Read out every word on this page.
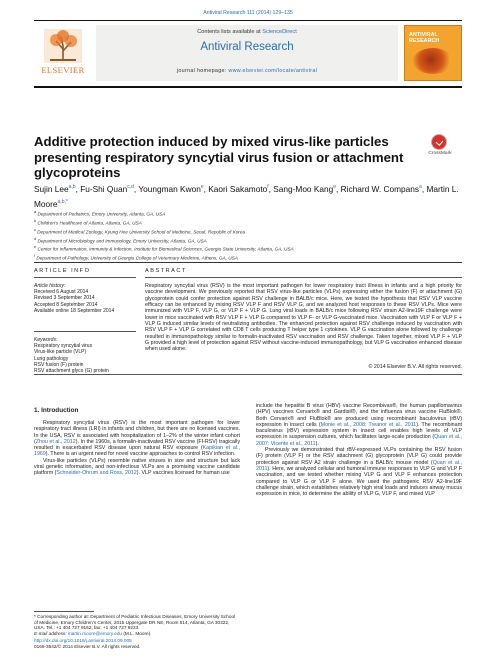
Antiviral Research 111 (2014) 129–135
ELSEVIER
Contents lists available at ScienceDirect
Antiviral Research
journal homepage: www.elsevier.com/locate/antiviral
ANTIVIRAL RESEARCH
Additive protection induced by mixed virus-like particles presenting respiratory syncytial virus fusion or attachment glycoproteins
CrossMark
Sujin Lee$^{a,b}$, Fu-Shi Quan$^{c,d}$, Youngman Kwon$^e$, Kaori Sakamoto$^f$, Sang-Moo Kang$^e$, Richard W. Compans$^a$, Martin L. Moore$^{a,b,*}$
$^a$ Department of Pediatrics, Emory University, Atlanta, GA, USA
$^b$ Children's Healthcare of Atlanta, Atlanta, GA, USA
$^c$ Department of Medical Zoology, Kyung Hee University School of Medicine, Seoul, Republic of Korea
$^d$ Department of Microbiology and Immunology, Emory University, Atlanta, GA, USA
$^e$ Center for Inflammation, Immunity & Infection, Institute for Biomedical Sciences, Georgia State University, Atlanta, GA, USA
$^f$ Department of Pathology, University of Georgia College of Veterinary Medicine, Athens, GA, USA
ARTICLE INFO	ABSTRACT
Article history:
Received 6 August 2014
Revised 3 September 2014
Accepted 8 September 2014
Available online 18 September 2014
Keywords:
Respiratory syncytial virus
Virus-like particle (VLP)
Lung pathology
RSV fusion (F) protein
RSV attachment glyco (G) protein
Respiratory syncytial virus (RSV) is the most important pathogen for lower respiratory tract illness in infants and a high priority for vaccine development. We previously reported that RSV virus-like particles (VLPs) expressing either the fusion (F) or attachment (G) glycoprotein could confer protection against RSV challenge in BALB/c mice. Here, we tested the hypothesis that RSV VLP vaccine efficacy can be enhanced by mixing RSV VLP F and RSV VLP G, and we analyzed host responses to these RSV VLPs. Mice were immunized with VLP F, VLP G, or VLP F + VLP G. Lung viral loads in BALB/c mice following RSV strain A2-line19F challenge were lower in mice vaccinated with RSV VLP F + VLP G compared to VLP F- or VLP G-vaccinated mice. Vaccination with VLP F or VLP F + VLP G induced similar levels of neutralizing antibodies. The enhanced protection against RSV challenge induced by vaccination with RSV VLP F + VLP G correlated with CD8 T cells producing T helper type 1 cytokines. VLP G vaccination alone followed by challenge resulted in immunopathology similar to formalin-inactivated RSV vaccination and RSV challenge. Taken together, mixed VLP F + VLP G provided a high level of protection against RSV without vaccine-induced immunopathology, but VLP G vaccination enhanced disease when used alone.
© 2014 Elsevier B.V. All rights reserved.
1. Introduction

Respiratory syncytial virus (RSV) is the most important pathogen for lower respiratory tract illness (LRI) in infants and children, but there are no licensed vaccines. In the USA, RSV is associated with hospitalization of 1–2% of the winter infant cohort (Zhou et al., 2012). In the 1960s, a formalin-inactivated RSV vaccine (FI-RSV) tragically resulted in exacerbated RSV disease upon natural RSV exposure (Kapikian et al., 1969). There is an urgent need for novel vaccine approaches to control RSV infection.

Virus-like particles (VLPs) resemble native viruses in size and structure but lack viral genetic information, and non-infectious VLPs are a promising vaccine candidate platform (Schneider-Ohrum and Ross, 2012). VLP vaccines licensed for human use

include the hepatitis B virus (HBV) vaccine Recombivax®, the human papillomavirus (HPV) vaccines Cervarix® and Gardisil®, and the influenza virus vaccine FluBlok®. Both Cervarix® and FluBlok® are produced using recombinant baculovirus (rBV) expression in insect cells (Monie et al., 2008; Treanor et al., 2011). The recombinant baculovirus (rBV) expression system in insect cell enables high levels of VLP expression in suspension cultures, which facilitates large-scale production (Quan et al., 2007; Vicente et al., 2011).

Previously we demonstrated that rBV-expressed VLPs containing the RSV fusion (F) protein (VLP F) or the RSV attachment (G) glycoprotein (VLP G) could provide protection against RSV A2 strain challenge in a BALB/c mouse model (Quan et al., 2011). Here, we analyzed cellular and humoral immune responses to VLP G and VLP F vaccination, and we tested whether mixing VLP G and VLP F enhances protection compared to VLP G or VLP F alone. We used the pathogenic RSV A2-line19F challenge strain, which establishes relatively high viral loads and induces airway mucus expression in mice, to determine the ability of VLP G, VLP F, and mixed VLP

* Corresponding author at: Department of Pediatric Infectious Diseases, Emory University School of Medicine, Emory Children's Center, 2015 Uppergate DR NE, Room 514, Atlanta, GA 30322, USA. Tel.: +1 404 727 9162; fax: +1 404 727 9223.
E-mail address: martin.moore@emory.edu (M.L. Moore).
http://dx.doi.org/10.1016/j.antiviral.2014.09.005
0166-3542/© 2014 Elsevier B.V. All rights reserved.
